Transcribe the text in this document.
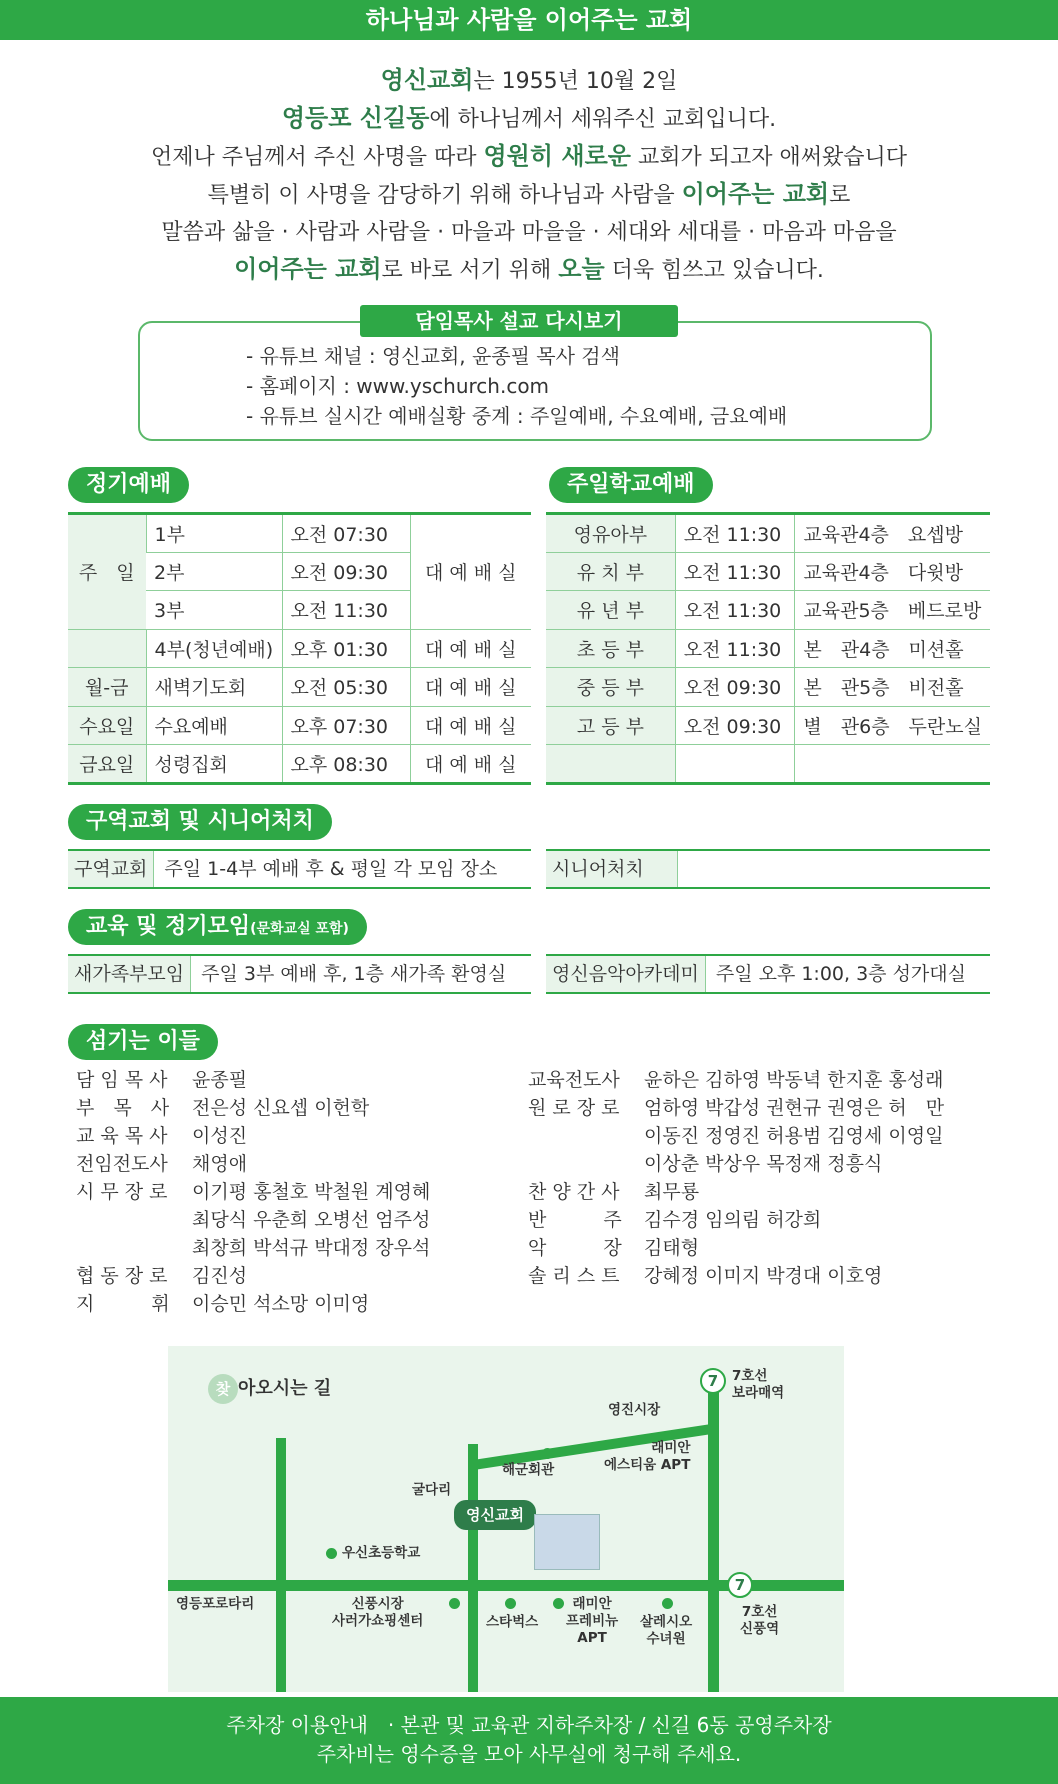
하나님과 사람을 이어주는 교회
영신교회는 1955년 10월 2일
영등포 신길동에 하나님께서 세워주신 교회입니다.
언제나 주님께서 주신 사명을 따라 영원히 새로운 교회가 되고자 애써왔습니다
특별히 이 사명을 감당하기 위해 하나님과 사람을 이어주는 교회로
말씀과 삶을 · 사람과 사람을 · 마을과 마을을 · 세대와 세대를 · 마음과 마음을
이어주는 교회로 바로 서기 위해 오늘 더욱 힘쓰고 있습니다.
담임목사 설교 다시보기
- 유튜브 채널 : 영신교회, 윤종필 목사 검색
- 홈페이지 : www.yschurch.com
- 유튜브 실시간 예배실황 중계 : 주일예배, 수요예배, 금요예배
정기예배
주　일	1부	오전 07:30	대 예 배 실
	2부	오전 09:30	
	3부	오전 11:30	
	4부(청년예배)	오후 01:30	대 예 배 실
월-금	새벽기도회	오전 05:30	대 예 배 실
수요일	수요예배	오후 07:30	대 예 배 실
금요일	성령집회	오후 08:30	대 예 배 실
주일학교예배
영유아부	오전 11:30	교육관4층　요셉방
유 치 부	오전 11:30	교육관4층　다윗방
유 년 부	오전 11:30	교육관5층　베드로방
초 등 부	오전 11:30	본　관4층　미션홀
중 등 부	오전 09:30	본　관5층　비전홀
고 등 부	오전 09:30	별　관6층　두란노실

구역교회 및 시니어처치
구역교회 주일 1-4부 예배 후 & 평일 각 모임 장소	시니어처치
교육 및 정기모임(문화교실 포함)
새가족부모임 주일 3부 예배 후, 1층 새가족 환영실	영신음악아카데미 주일 오후 1:00, 3층 성가대실
섬기는 이들
담 임 목 사	윤종필
부　목　사	전은성 신요셉 이헌학
교 육 목 사	이성진
전임전도사	채영애
시 무 장 로	이기평 홍철호 박철원 계영혜
최당식 우춘희 오병선 엄주성
최창희 박석규 박대정 장우석
협 동 장 로	김진성
지　　　휘	이승민 석소망 이미영
교육전도사	윤하은 김하영 박동녁 한지훈 홍성래
원 로 장 로	엄하영 박갑성 권현규 권영은 허　만
이동진 정영진 허용범 김영세 이영일
이상춘 박상우 목정재 정흥식
찬 양 간 사	최무룡
반　　　주	김수경 임의림 허강희
악　　　장	김태형
솔 리 스 트	강혜정 이미지 박경대 이호영
찾 아오시는 길	7	7호선
보라매역
7
7호선
신풍역
영진시장
래미안
에스티움 APT
해군회관
굴다리
영신교회
우신초등학교
영등포로타리	신풍시장
사러가쇼핑센터	스타벅스
래미안
프레비뉴
APT
살레시오
수녀원
주차장 이용안내　· 본관 및 교육관 지하주차장 / 신길 6동 공영주차장
주차비는 영수증을 모아 사무실에 청구해 주세요.
